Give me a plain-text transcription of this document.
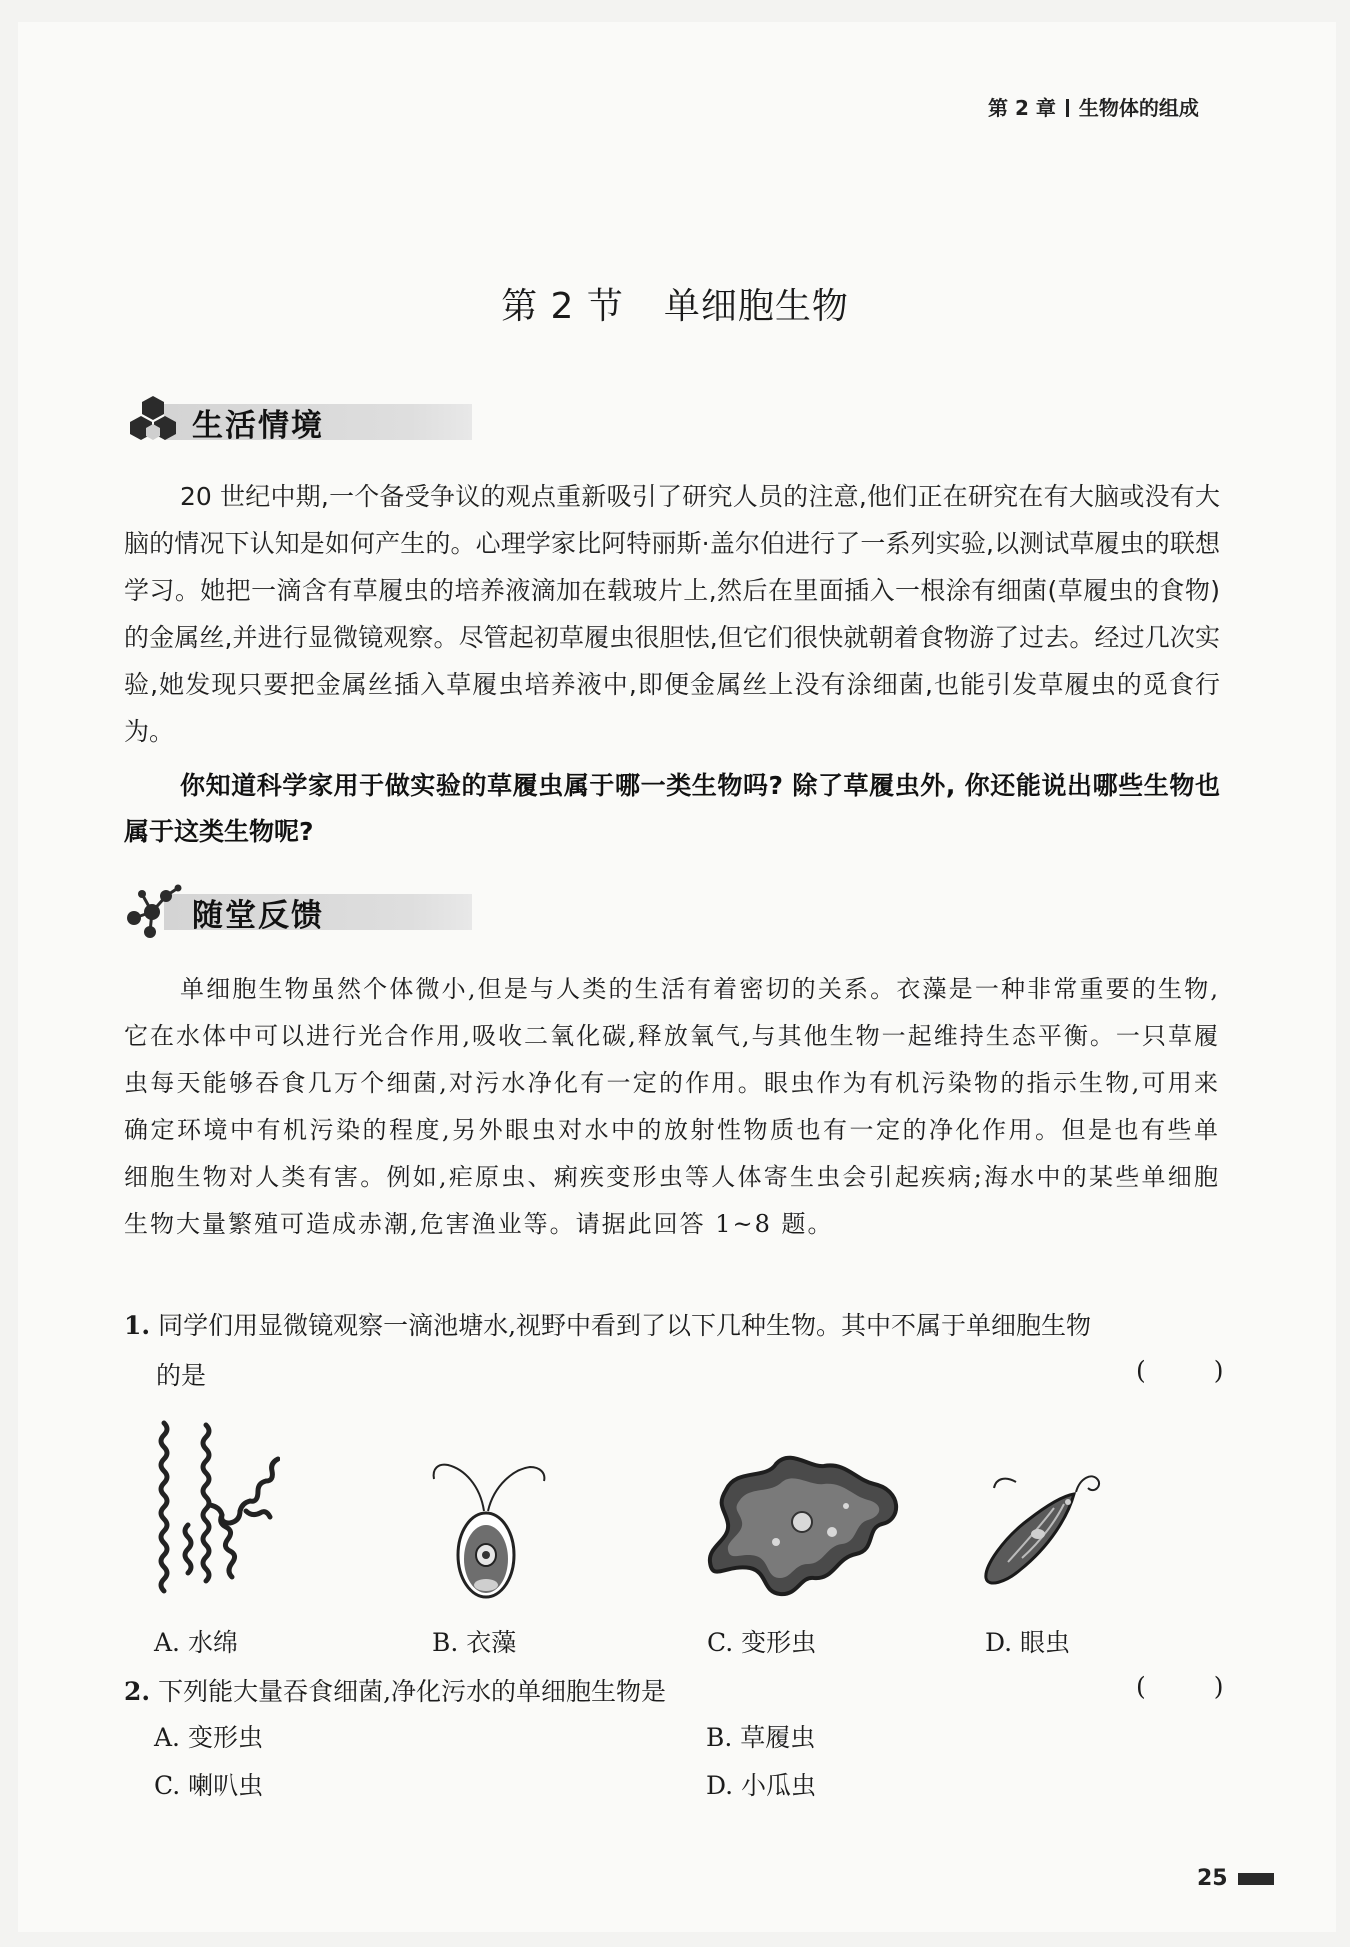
第 2 章 生物体的组成
第 2 节 单细胞生物
生活情境
20 世纪中期,一个备受争议的观点重新吸引了研究人员的注意,他们正在研究在有大脑或没有大脑的情况下认知是如何产生的。心理学家比阿特丽斯·盖尔伯进行了一系列实验,以测试草履虫的联想学习。她把一滴含有草履虫的培养液滴加在载玻片上,然后在里面插入一根涂有细菌(草履虫的食物)的金属丝,并进行显微镜观察。尽管起初草履虫很胆怯,但它们很快就朝着食物游了过去。经过几次实验,她发现只要把金属丝插入草履虫培养液中,即便金属丝上没有涂细菌,也能引发草履虫的觅食行为。
你知道科学家用于做实验的草履虫属于哪一类生物吗? 除了草履虫外, 你还能说出哪些生物也属于这类生物呢?
随堂反馈
单细胞生物虽然个体微小,但是与人类的生活有着密切的关系。衣藻是一种非常重要的生物,它在水体中可以进行光合作用,吸收二氧化碳,释放氧气,与其他生物一起维持生态平衡。一只草履虫每天能够吞食几万个细菌,对污水净化有一定的作用。眼虫作为有机污染物的指示生物,可用来确定环境中有机污染的程度,另外眼虫对水中的放射性物质也有一定的净化作用。但是也有些单细胞生物对人类有害。例如,疟原虫、痢疾变形虫等人体寄生虫会引起疾病;海水中的某些单细胞生物大量繁殖可造成赤潮,危害渔业等。请据此回答 1~8 题。
1. 同学们用显微镜观察一滴池塘水,视野中看到了以下几种生物。其中不属于单细胞生物
的是	( )
A. 水绵	B. 衣藻	C. 变形虫	D. 眼虫
2. 下列能大量吞食细菌,净化污水的单细胞生物是	( )
A. 变形虫	B. 草履虫
C. 喇叭虫	D. 小瓜虫
25
